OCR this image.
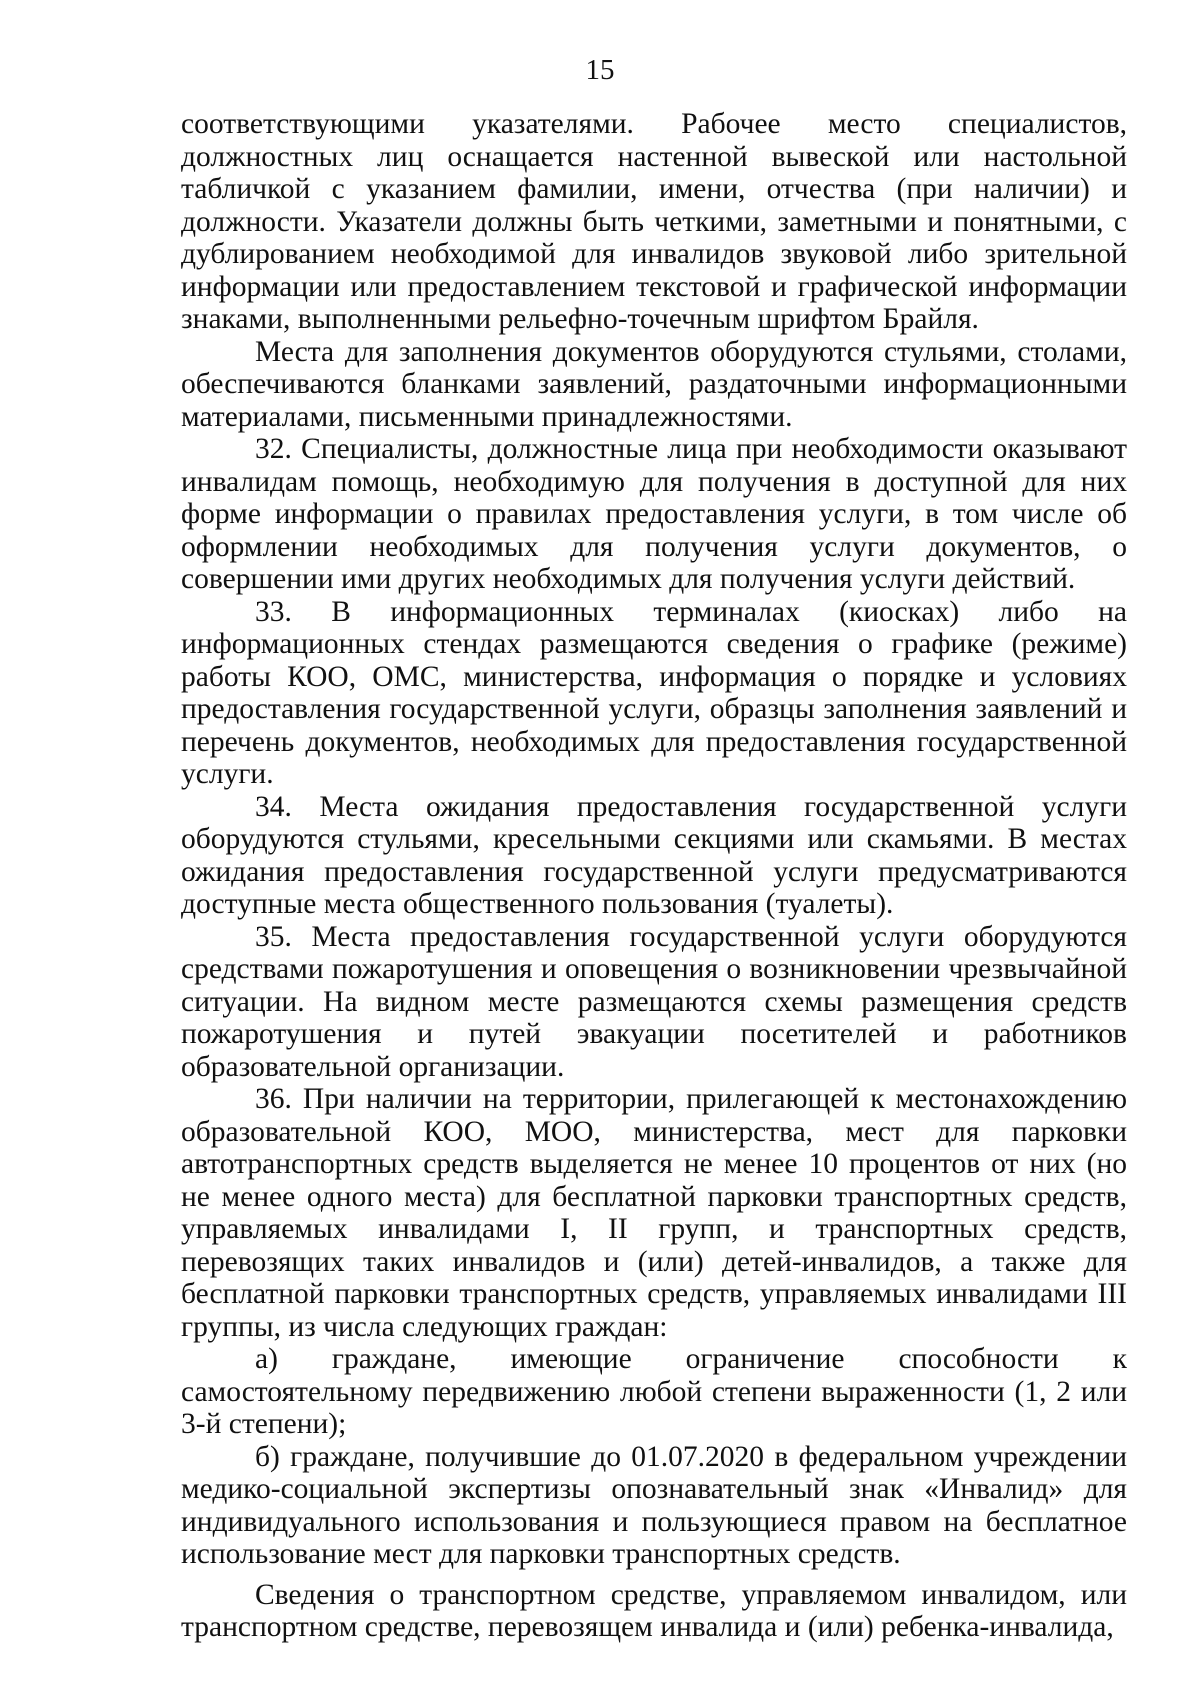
15

соответствующими указателями. Рабочее место специалистов, должностных лиц оснащается настенной вывеской или настольной табличкой с указанием фамилии, имени, отчества (при наличии) и должности. Указатели должны быть четкими, заметными и понятными, с дублированием необходимой для инвалидов звуковой либо зрительной информации или предоставлением текстовой и графической информации знаками, выполненными рельефно-точечным шрифтом Брайля.

Места для заполнения документов оборудуются стульями, столами, обеспечиваются бланками заявлений, раздаточными информационными материалами, письменными принадлежностями.

32. Специалисты, должностные лица при необходимости оказывают инвалидам помощь, необходимую для получения в доступной для них форме информации о правилах предоставления услуги, в том числе об оформлении необходимых для получения услуги документов, о совершении ими других необходимых для получения услуги действий.

33. В информационных терминалах (киосках) либо на информационных стендах размещаются сведения о графике (режиме) работы КОО, ОМС, министерства, информация о порядке и условиях предоставления государственной услуги, образцы заполнения заявлений и перечень документов, необходимых для предоставления государственной услуги.

34. Места ожидания предоставления государственной услуги оборудуются стульями, кресельными секциями или скамьями. В местах ожидания предоставления государственной услуги предусматриваются доступные места общественного пользования (туалеты).

35. Места предоставления государственной услуги оборудуются средствами пожаротушения и оповещения о возникновении чрезвычайной ситуации. На видном месте размещаются схемы размещения средств пожаротушения и путей эвакуации посетителей и работников образовательной организации.

36. При наличии на территории, прилегающей к местонахождению образовательной КОО, МОО, министерства, мест для парковки автотранспортных средств выделяется не менее 10 процентов от них (но не менее одного места) для бесплатной парковки транспортных средств, управляемых инвалидами I, II групп, и транспортных средств, перевозящих таких инвалидов и (или) детей-инвалидов, а также для бесплатной парковки транспортных средств, управляемых инвалидами III группы, из числа следующих граждан:

а) граждане, имеющие ограничение способности к самостоятельному передвижению любой степени выраженности (1, 2 или 3-й степени);

б) граждане, получившие до 01.07.2020 в федеральном учреждении медико-социальной экспертизы опознавательный знак «Инвалид» для индивидуального использования и пользующиеся правом на бесплатное использование мест для парковки транспортных средств.

Сведения о транспортном средстве, управляемом инвалидом, или транспортном средстве, перевозящем инвалида и (или) ребенка-инвалида,
